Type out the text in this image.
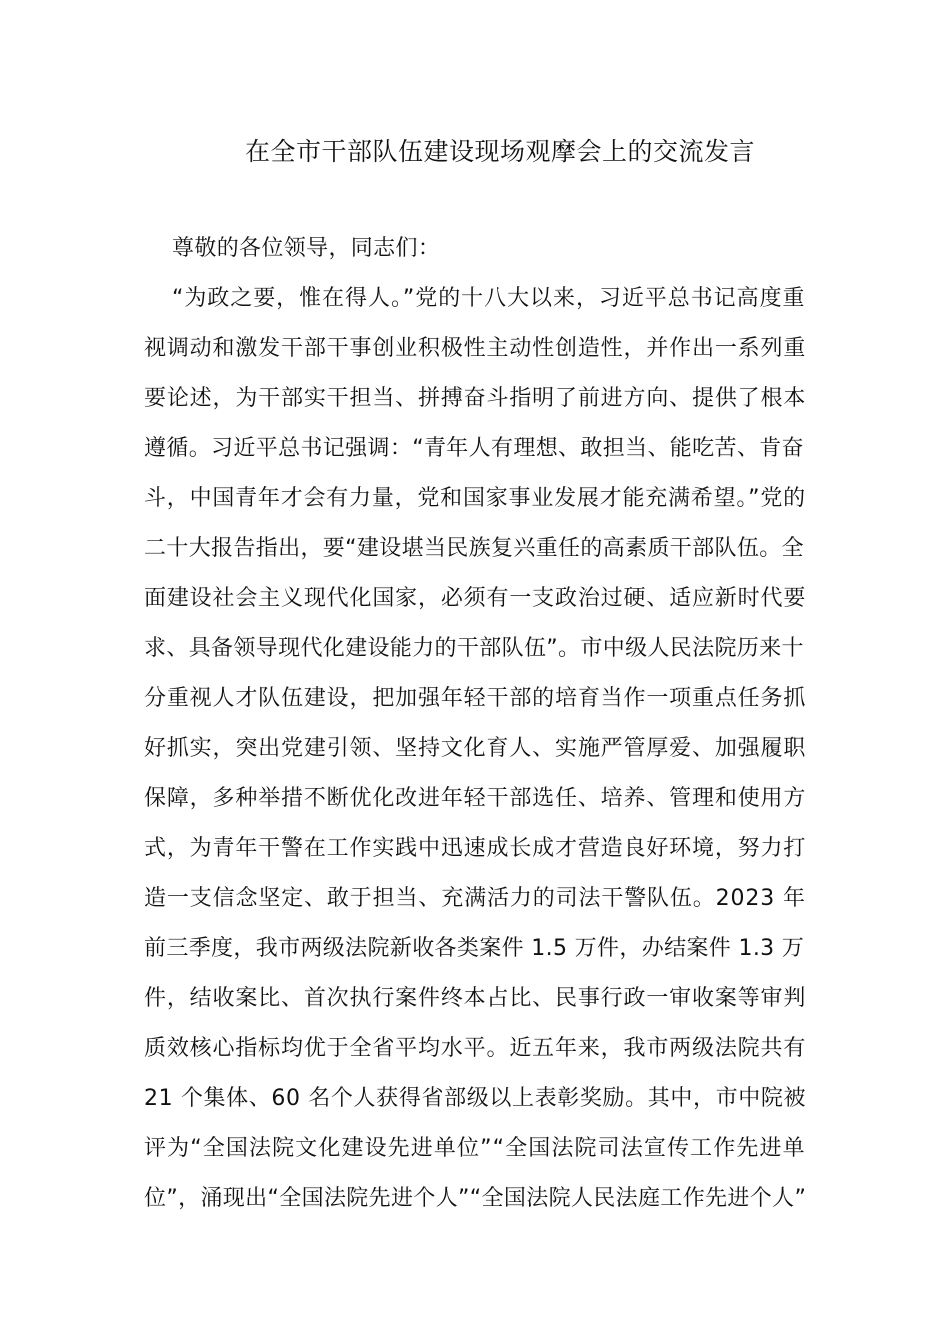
在全市干部队伍建设现场观摩会上的交流发言
尊敬的各位领导，同志们：
“为政之要，惟在得人。”党的十八大以来，习近平总书记高度重
视调动和激发干部干事创业积极性主动性创造性，并作出一系列重
要论述，为干部实干担当、拼搏奋斗指明了前进方向、提供了根本
遵循。习近平总书记强调：“青年人有理想、敢担当、能吃苦、肯奋
斗，中国青年才会有力量，党和国家事业发展才能充满希望。”党的
二十大报告指出，要“建设堪当民族复兴重任的高素质干部队伍。全
面建设社会主义现代化国家，必须有一支政治过硬、适应新时代要
求、具备领导现代化建设能力的干部队伍”。市中级人民法院历来十
分重视人才队伍建设，把加强年轻干部的培育当作一项重点任务抓
好抓实，突出党建引领、坚持文化育人、实施严管厚爱、加强履职
保障，多种举措不断优化改进年轻干部选任、培养、管理和使用方
式，为青年干警在工作实践中迅速成长成才营造良好环境，努力打
造一支信念坚定、敢于担当、充满活力的司法干警队伍。2023 年
前三季度，我市两级法院新收各类案件 1.5 万件，办结案件 1.3 万
件，结收案比、首次执行案件终本占比、民事行政一审收案等审判
质效核心指标均优于全省平均水平。近五年来，我市两级法院共有
21 个集体、60 名个人获得省部级以上表彰奖励。其中，市中院被
评为“全国法院文化建设先进单位”“全国法院司法宣传工作先进单
位”，涌现出“全国法院先进个人”“全国法院人民法庭工作先进个人”
